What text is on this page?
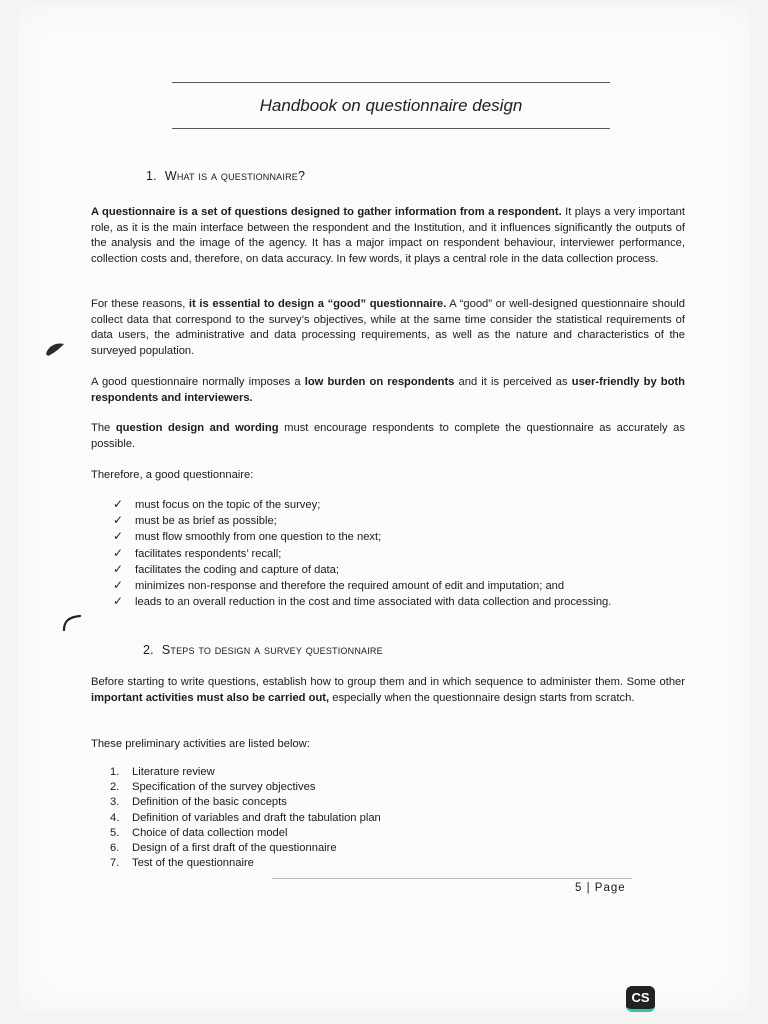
Handbook on questionnaire design
1. What is a questionnaire?

A questionnaire is a set of questions designed to gather information from a respondent. It plays a very important role, as it is the main interface between the respondent and the Institution, and it influences significantly the outputs of the analysis and the image of the agency. It has a major impact on respondent behaviour, interviewer performance, collection costs and, therefore, on data accuracy. In few words, it plays a central role in the data collection process.

For these reasons, it is essential to design a “good” questionnaire. A “good” or well-designed questionnaire should collect data that correspond to the survey’s objectives, while at the same time consider the statistical requirements of data users, the administrative and data processing requirements, as well as the nature and characteristics of the surveyed population.

A good questionnaire normally imposes a low burden on respondents and it is perceived as user-friendly by both respondents and interviewers.

The question design and wording must encourage respondents to complete the questionnaire as accurately as possible.

Therefore, a good questionnaire:

✓	must focus on the topic of the survey;
✓	must be as brief as possible;
✓	must flow smoothly from one question to the next;
✓	facilitates respondents’ recall;
✓	facilitates the coding and capture of data;
✓	minimizes non-response and therefore the required amount of edit and imputation; and
✓	leads to an overall reduction in the cost and time associated with data collection and processing.
2. Steps to design a survey questionnaire

Before starting to write questions, establish how to group them and in which sequence to administer them. Some other important activities must also be carried out, especially when the questionnaire design starts from scratch.

These preliminary activities are listed below:

1.	Literature review
2.	Specification of the survey objectives
3.	Definition of the basic concepts
4.	Definition of variables and draft the tabulation plan
5.	Choice of data collection model
6.	Design of a first draft of the questionnaire
7.	Test of the questionnaire
5 | Page
CS
